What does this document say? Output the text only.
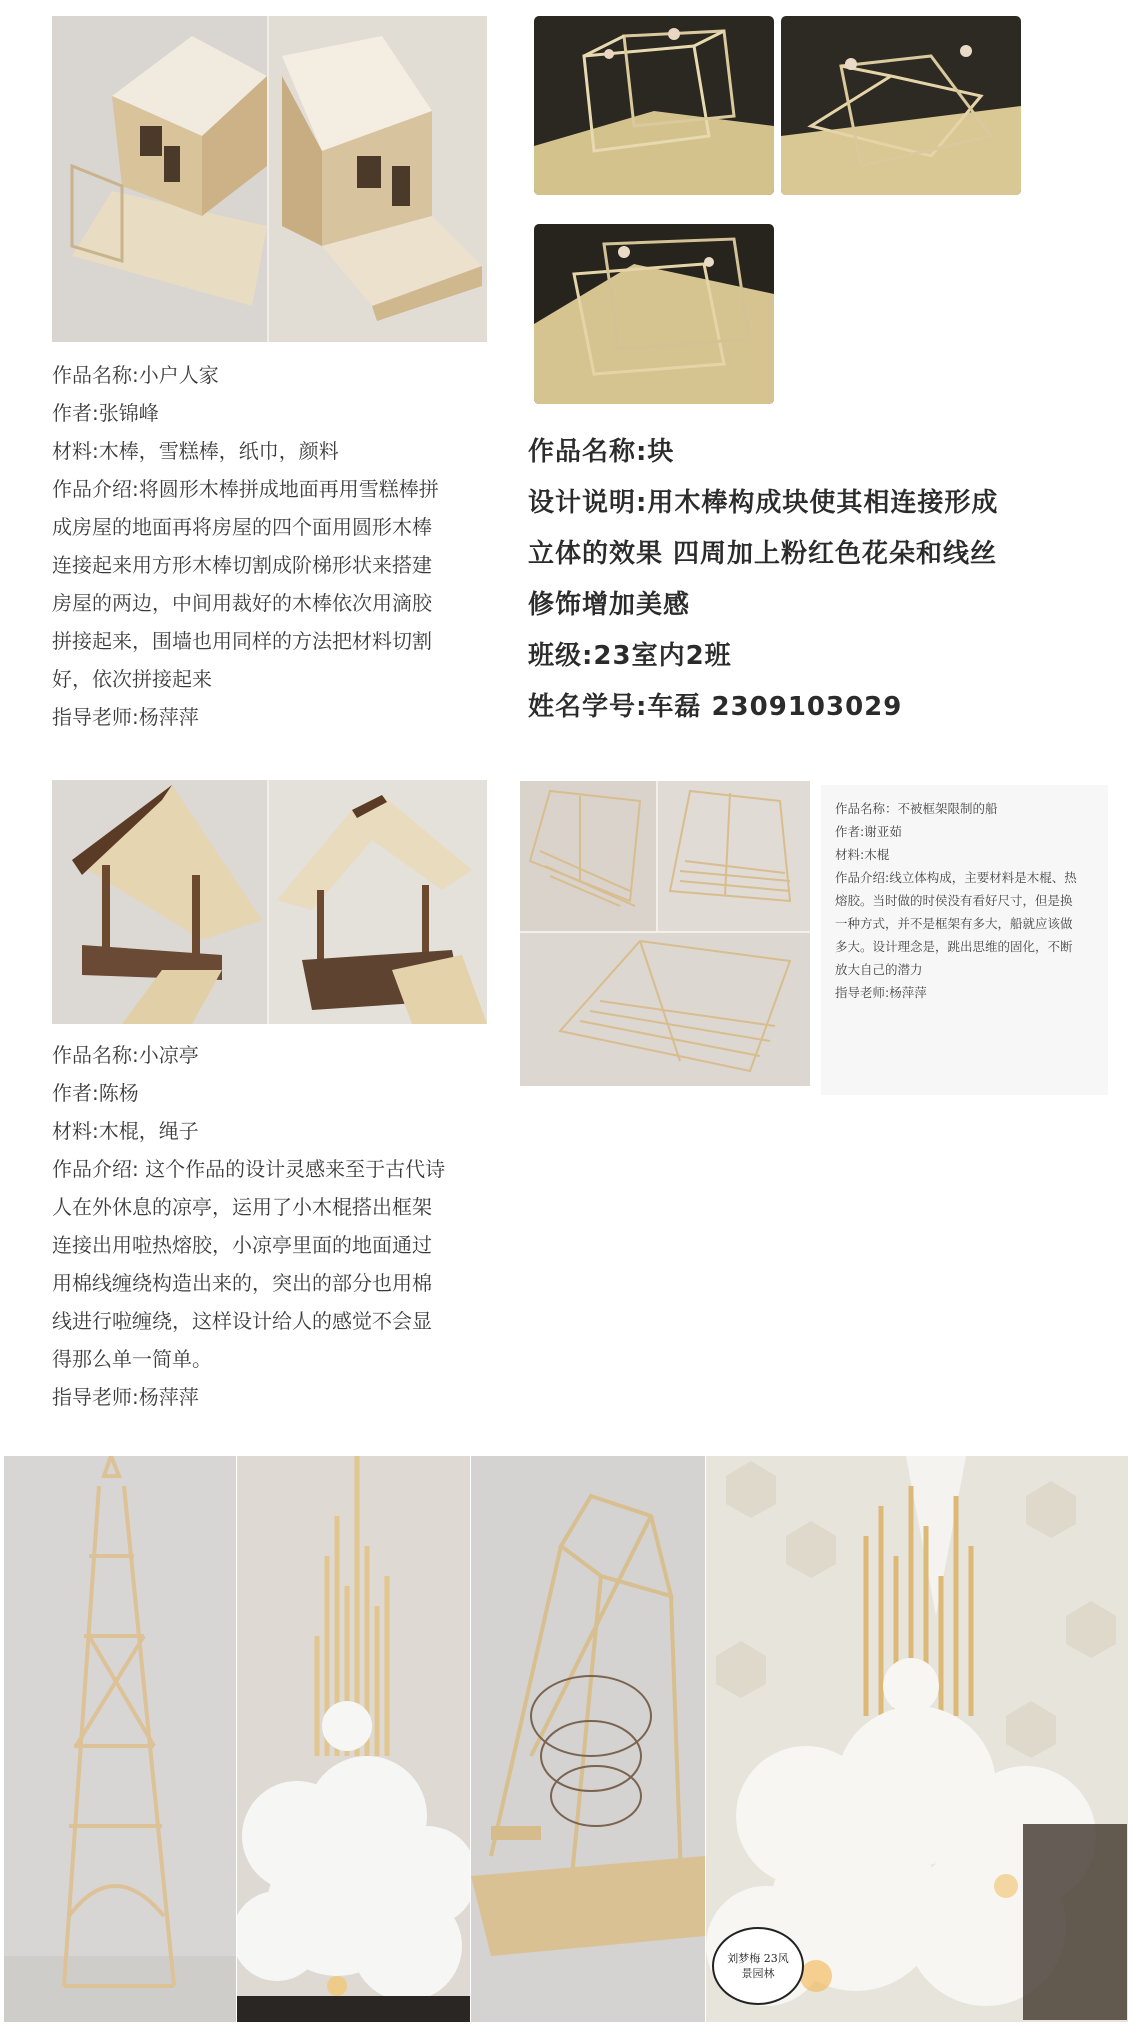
作品名称:小户人家
作者:张锦峰
材料:木棒，雪糕棒，纸巾，颜料
作品介绍:将圆形木棒拼成地面再用雪糕棒拼
成房屋的地面再将房屋的四个面用圆形木棒
连接起来用方形木棒切割成阶梯形状来搭建
房屋的两边，中间用裁好的木棒依次用滴胶
拼接起来，围墙也用同样的方法把材料切割
好，依次拼接起来
指导老师:杨萍萍
作品名称:块
设计说明:用木棒构成块使其相连接形成
立体的效果 四周加上粉红色花朵和线丝
修饰增加美感
班级:23室内2班
姓名学号:车磊 2309103029
作品名称：不被框架限制的船
作者:谢亚茹
材料:木棍
作品介绍:线立体构成，主要材料是木棍、热
熔胶。当时做的时侯没有看好尺寸，但是换
一种方式，并不是框架有多大，船就应该做
多大。设计理念是，跳出思维的固化，不断
放大自己的潜力
指导老师:杨萍萍
作品名称:小凉亭
作者:陈杨
材料:木棍，绳子
作品介绍: 这个作品的设计灵感来至于古代诗
人在外休息的凉亭，运用了小木棍搭出框架
连接出用啦热熔胶，小凉亭里面的地面通过
用棉线缠绕构造出来的，突出的部分也用棉
线进行啦缠绕，这样设计给人的感觉不会显
得那么单一简单。
指导老师:杨萍萍
刘梦梅 23风景园林
